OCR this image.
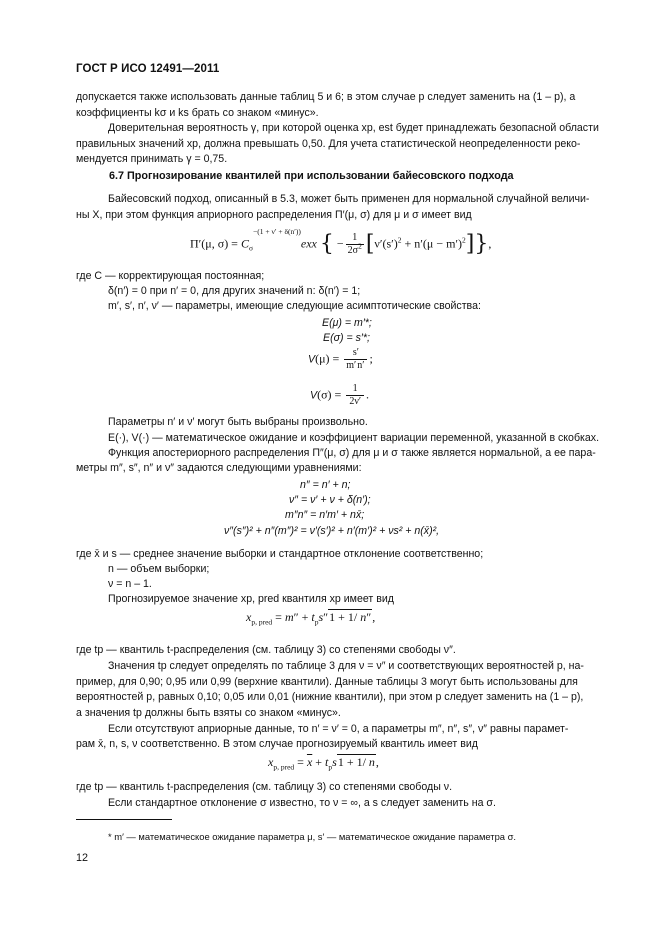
ГОСТ Р ИСО 12491—2011
допускается также использовать данные таблиц 5 и 6; в этом случае p следует заменить на (1 – p), а
коэффициенты kσ и ks брать со знаком «минус».
Доверительная вероятность γ, при которой оценка xp, est будет принадлежать безопасной области
правильных значений xp, должна превышать 0,50. Для учета статистической неопределенности реко-
мендуется принимать γ = 0,75.
6.7 Прогнозирование квантилей при использовании байесовского подхода
Байесовский подход, описанный в 5.3, может быть применен для нормальной случайной величи-
ны X, при этом функция априорного распределения Π′(μ, σ) для μ и σ имеет вид
Π′(μ, $\sigma) = C_\sigma^{-(1 + \nu' + \delta(n'))}exx$ { − $\frac{1}{2\sigma^2} [\nu'(s')^2 + n'(\mu - m')^2]$},
где C — корректирующая постоянная;
δ(n′) = 0 при n′ = 0, для других значений n: δ(n′) = 1;
m′, s′, n′, ν′ — параметры, имеющие следующие асимптотические свойства:
E(μ) = m′*;
E(σ) = s′*;
$V(\mu) = \frac{s'}{m'n'}$ ;
$V(\sigma) = \frac{1}{2\nu'}$ .
Параметры n′ и ν′ могут быть выбраны произвольно.
E(·), V(·) — математическое ожидание и коэффициент вариации переменной, указанной в скобках.
Функция апостериорного распределения Π″(μ, σ) для μ и σ также является нормальной, а ее пара-
метры m″, s″, n″ и ν″ задаются следующими уравнениями:
n″ = n′ + n;
ν″ = ν′ + ν + δ(n′);
m″n″ = n′m′ + nx̄;
ν″(s″)² + n″(m″)² = ν′(s′)² + n′(m′)² + νs² + n(x̄)²,
где x̄ и s — среднее значение выборки и стандартное отклонение соответственно;
n — объем выборки;
ν = n – 1.
Прогнозируемое значение xp, pred квантиля xp имеет вид
$x_{p, pred} = m'' + t_ps''1 + 1/$ n″,
где tp — квантиль t-распределения (см. таблицу 3) со степенями свободы ν″.
Значения tp следует определять по таблице 3 для ν = ν″ и соответствующих вероятностей p, на-
пример, для 0,90; 0,95 или 0,99 (верхние квантили). Данные таблицы 3 могут быть использованы для
вероятностей p, равных 0,10; 0,05 или 0,01 (нижние квантили), при этом p следует заменить на (1 – p),
а значения tp должны быть взяты со знаком «минус».
Если отсутствуют априорные данные, то n′ = ν′ = 0, а параметры m″, n″, s″, ν″ равны парамет-
рам x̄, n, s, ν соответственно. В этом случае прогнозируемый квантиль имеет вид
$x_{p, pred} = \overline{x} + t_ps1 + 1/$ n,
где tp — квантиль t-распределения (см. таблицу 3) со степенями свободы ν.
Если стандартное отклонение σ известно, то ν = ∞, а s следует заменить на σ.
* m′ — математическое ожидание параметра μ, s′ — математическое ожидание параметра σ.
12
